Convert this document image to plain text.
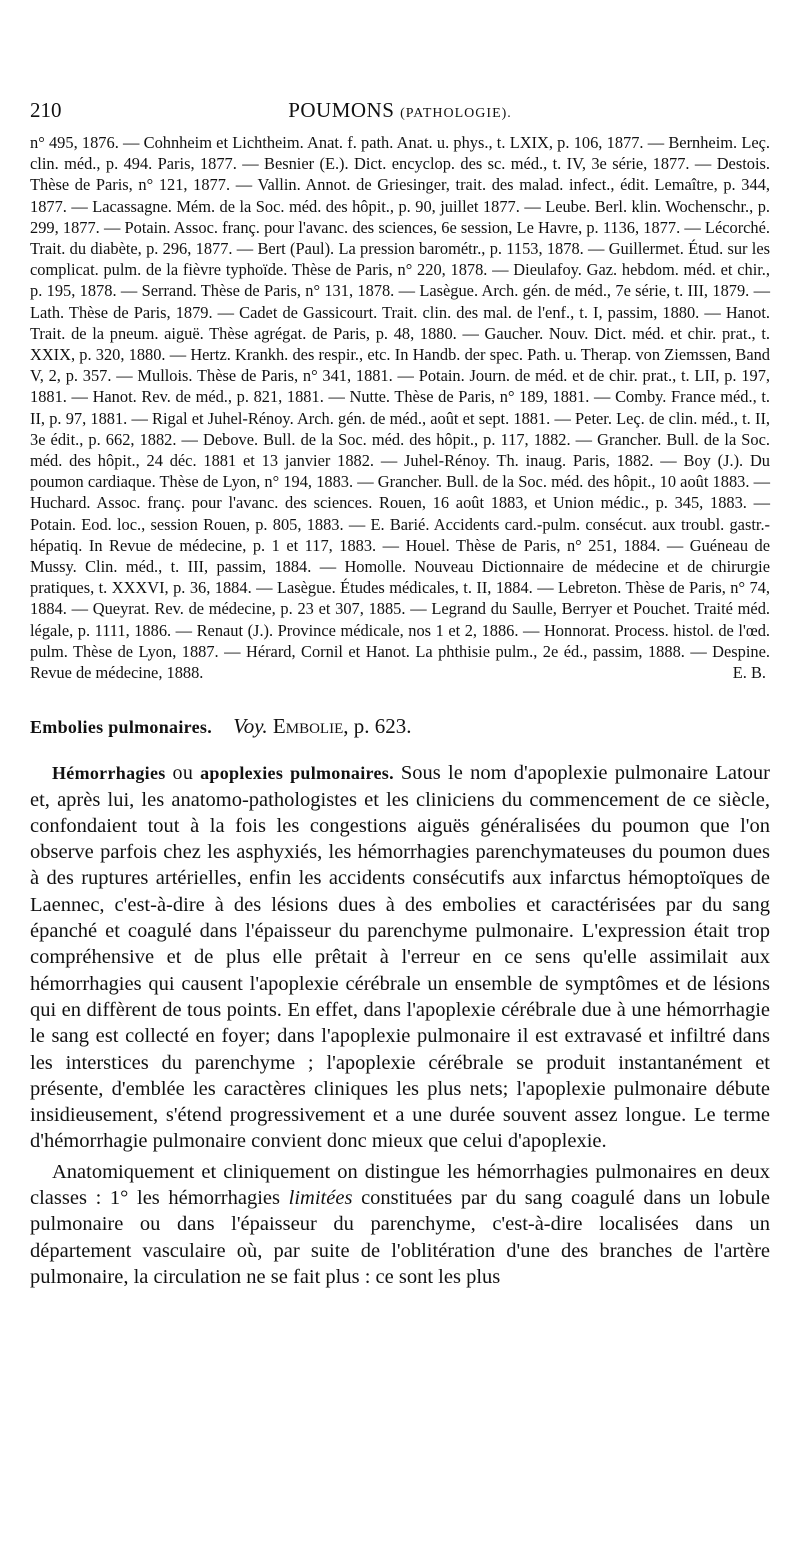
210	POUMONS (PATHOLOGIE).

n° 495, 1876. — Cohnheim et Lichtheim. Anat. f. path. Anat. u. phys., t. LXIX, p. 106, 1877. — Bernheim. Leç. clin. méd., p. 494. Paris, 1877. — Besnier (E.). Dict. encyclop. des sc. méd., t. IV, 3e série, 1877. — Destois. Thèse de Paris, n° 121, 1877. — Vallin. Annot. de Griesinger, trait. des malad. infect., édit. Lemaître, p. 344, 1877. — Lacassagne. Mém. de la Soc. méd. des hôpit., p. 90, juillet 1877. — Leube. Berl. klin. Wochenschr., p. 299, 1877. — Potain. Assoc. franç. pour l'avanc. des sciences, 6e session, Le Havre, p. 1136, 1877. — Lécorché. Trait. du diabète, p. 296, 1877. — Bert (Paul). La pression barométr., p. 1153, 1878. — Guillermet. Étud. sur les complicat. pulm. de la fièvre typhoïde. Thèse de Paris, n° 220, 1878. — Dieulafoy. Gaz. hebdom. méd. et chir., p. 195, 1878. — Serrand. Thèse de Paris, n° 131, 1878. — Lasègue. Arch. gén. de méd., 7e série, t. III, 1879. — Lath. Thèse de Paris, 1879. — Cadet de Gassicourt. Trait. clin. des mal. de l'enf., t. I, passim, 1880. — Hanot. Trait. de la pneum. aiguë. Thèse agrégat. de Paris, p. 48, 1880. — Gaucher. Nouv. Dict. méd. et chir. prat., t. XXIX, p. 320, 1880. — Hertz. Krankh. des respir., etc. In Handb. der spec. Path. u. Therap. von Ziemssen, Band V, 2, p. 357. — Mullois. Thèse de Paris, n° 341, 1881. — Potain. Journ. de méd. et de chir. prat., t. LII, p. 197, 1881. — Hanot. Rev. de méd., p. 821, 1881. — Nutte. Thèse de Paris, n° 189, 1881. — Comby. France méd., t. II, p. 97, 1881. — Rigal et Juhel-Rénoy. Arch. gén. de méd., août et sept. 1881. — Peter. Leç. de clin. méd., t. II, 3e édit., p. 662, 1882. — Debove. Bull. de la Soc. méd. des hôpit., p. 117, 1882. — Grancher. Bull. de la Soc. méd. des hôpit., 24 déc. 1881 et 13 janvier 1882. — Juhel-Rénoy. Th. inaug. Paris, 1882. — Boy (J.). Du poumon cardiaque. Thèse de Lyon, n° 194, 1883. — Grancher. Bull. de la Soc. méd. des hôpit., 10 août 1883. — Huchard. Assoc. franç. pour l'avanc. des sciences. Rouen, 16 août 1883, et Union médic., p. 345, 1883. — Potain. Eod. loc., session Rouen, p. 805, 1883. — E. Barié. Accidents card.-pulm. consécut. aux troubl. gastr.-hépatiq. In Revue de médecine, p. 1 et 117, 1883. — Houel. Thèse de Paris, n° 251, 1884. — Guéneau de Mussy. Clin. méd., t. III, passim, 1884. — Homolle. Nouveau Dictionnaire de médecine et de chirurgie pratiques, t. XXXVI, p. 36, 1884. — Lasègue. Études médicales, t. II, 1884. — Lebreton. Thèse de Paris, n° 74, 1884. — Queyrat. Rev. de médecine, p. 23 et 307, 1885. — Legrand du Saulle, Berryer et Pouchet. Traité méd. légale, p. 1111, 1886. — Renaut (J.). Province médicale, nos 1 et 2, 1886. — Honnorat. Process. histol. de l'œd. pulm. Thèse de Lyon, 1887. — Hérard, Cornil et Hanot. La phthisie pulm., 2e éd., passim, 1888. — Despine. Revue de médecine, 1888.	E. B.
Embolies pulmonaires. Voy. Embolie, p. 623.

Hémorrhagies ou apoplexies pulmonaires. Sous le nom d'apoplexie pulmonaire Latour et, après lui, les anatomo-pathologistes et les cliniciens du commencement de ce siècle, confondaient tout à la fois les congestions aiguës généralisées du poumon que l'on observe parfois chez les asphyxiés, les hémorrhagies parenchymateuses du poumon dues à des ruptures artérielles, enfin les accidents consécutifs aux infarctus hémoptoïques de Laennec, c'est-à-dire à des lésions dues à des embolies et caractérisées par du sang épanché et coagulé dans l'épaisseur du parenchyme pulmonaire. L'expression était trop compréhensive et de plus elle prêtait à l'erreur en ce sens qu'elle assimilait aux hémorrhagies qui causent l'apoplexie cérébrale un ensemble de symptômes et de lésions qui en diffèrent de tous points. En effet, dans l'apoplexie cérébrale due à une hémorrhagie le sang est collecté en foyer; dans l'apoplexie pulmonaire il est extravasé et infiltré dans les interstices du parenchyme ; l'apoplexie cérébrale se produit instantanément et présente, d'emblée les caractères cliniques les plus nets; l'apoplexie pulmonaire débute insidieusement, s'étend progressivement et a une durée souvent assez longue. Le terme d'hémorrhagie pulmonaire convient donc mieux que celui d'apoplexie.

Anatomiquement et cliniquement on distingue les hémorrhagies pulmonaires en deux classes : 1° les hémorrhagies limitées constituées par du sang coagulé dans un lobule pulmonaire ou dans l'épaisseur du parenchyme, c'est-à-dire localisées dans un département vasculaire où, par suite de l'oblitération d'une des branches de l'artère pulmonaire, la circulation ne se fait plus : ce sont les plus
